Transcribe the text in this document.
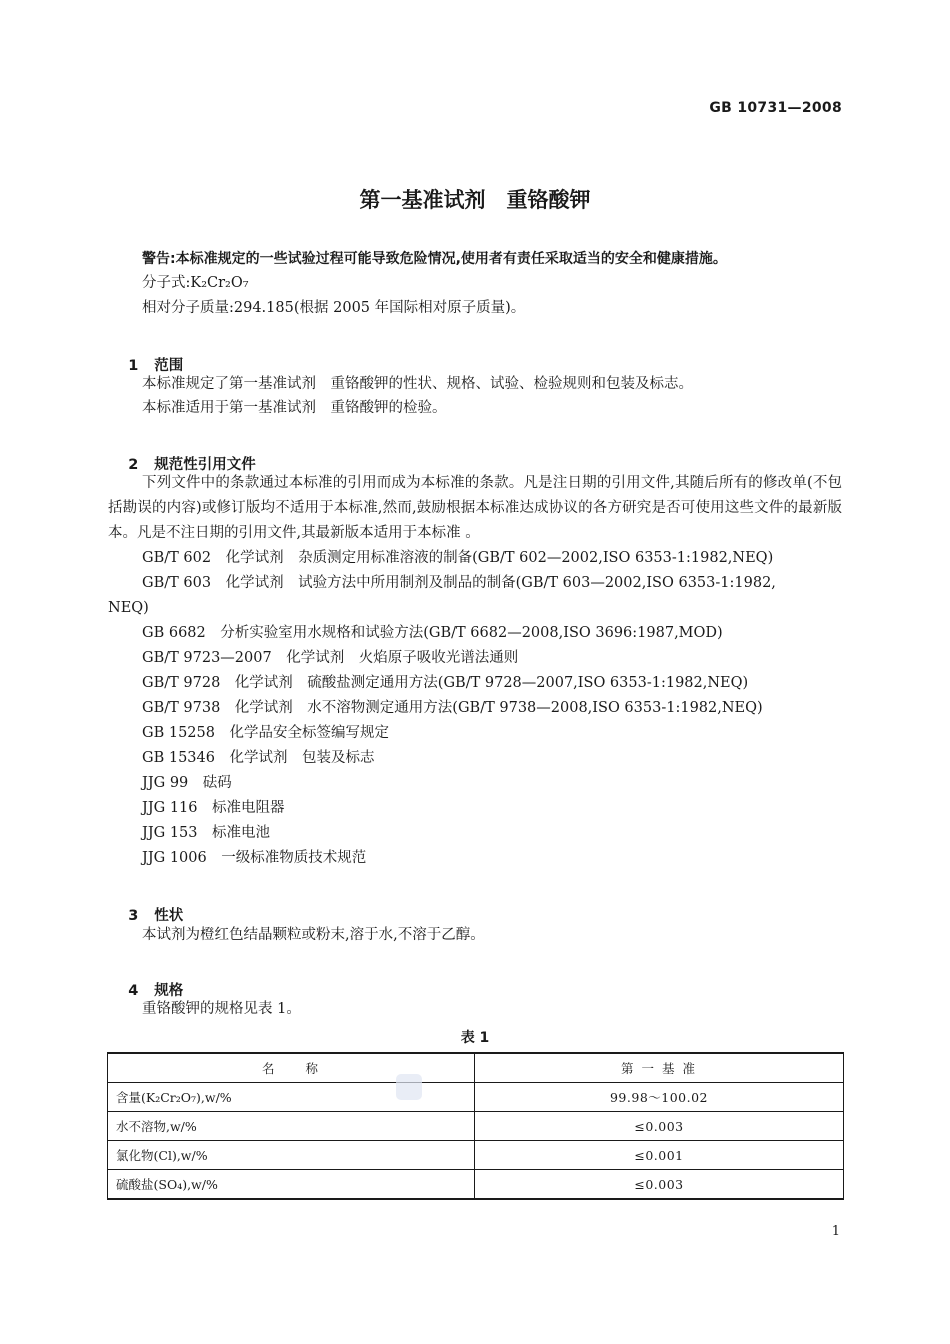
GB 10731—2008
第一基准试剂　重铬酸钾
警告:本标准规定的一些试验过程可能导致危险情况,使用者有责任采取适当的安全和健康措施。
分子式:K₂Cr₂O₇
相对分子质量:294.185(根据 2005 年国际相对原子质量)。

1 范围

本标准规定了第一基准试剂　重铬酸钾的性状、规格、试验、检验规则和包装及标志。
本标准适用于第一基准试剂　重铬酸钾的检验。

2 规范性引用文件

下列文件中的条款通过本标准的引用而成为本标准的条款。凡是注日期的引用文件,其随后所有的修改单(不包括勘误的内容)或修订版均不适用于本标准,然而,鼓励根据本标准达成协议的各方研究是否可使用这些文件的最新版本。凡是不注日期的引用文件,其最新版本适用于本标准 。
GB/T 602　化学试剂　杂质测定用标准溶液的制备(GB/T 602—2002,ISO 6353-1:1982,NEQ)
GB/T 603　化学试剂　试验方法中所用制剂及制品的制备(GB/T 603—2002,ISO 6353-1:1982,
NEQ)
GB 6682　分析实验室用水规格和试验方法(GB/T 6682—2008,ISO 3696:1987,MOD)
GB/T 9723—2007　化学试剂　火焰原子吸收光谱法通则
GB/T 9728　化学试剂　硫酸盐测定通用方法(GB/T 9728—2007,ISO 6353-1:1982,NEQ)
GB/T 9738　化学试剂　水不溶物测定通用方法(GB/T 9738—2008,ISO 6353-1:1982,NEQ)
GB 15258　化学品安全标签编写规定
GB 15346　化学试剂　包装及标志
JJG 99　砝码
JJG 116　标准电阻器
JJG 153　标准电池
JJG 1006　一级标准物质技术规范

3 性状

本试剂为橙红色结晶颗粒或粉末,溶于水,不溶于乙醇。

4 规格

重铬酸钾的规格见表 1。
表 1
名　　称	第 一 基 准
含量(K₂Cr₂O₇),w/%	99.98～100.02
水不溶物,w/%	≤0.003
氯化物(Cl),w/%	≤0.001
硫酸盐(SO₄),w/%	≤0.003
1
